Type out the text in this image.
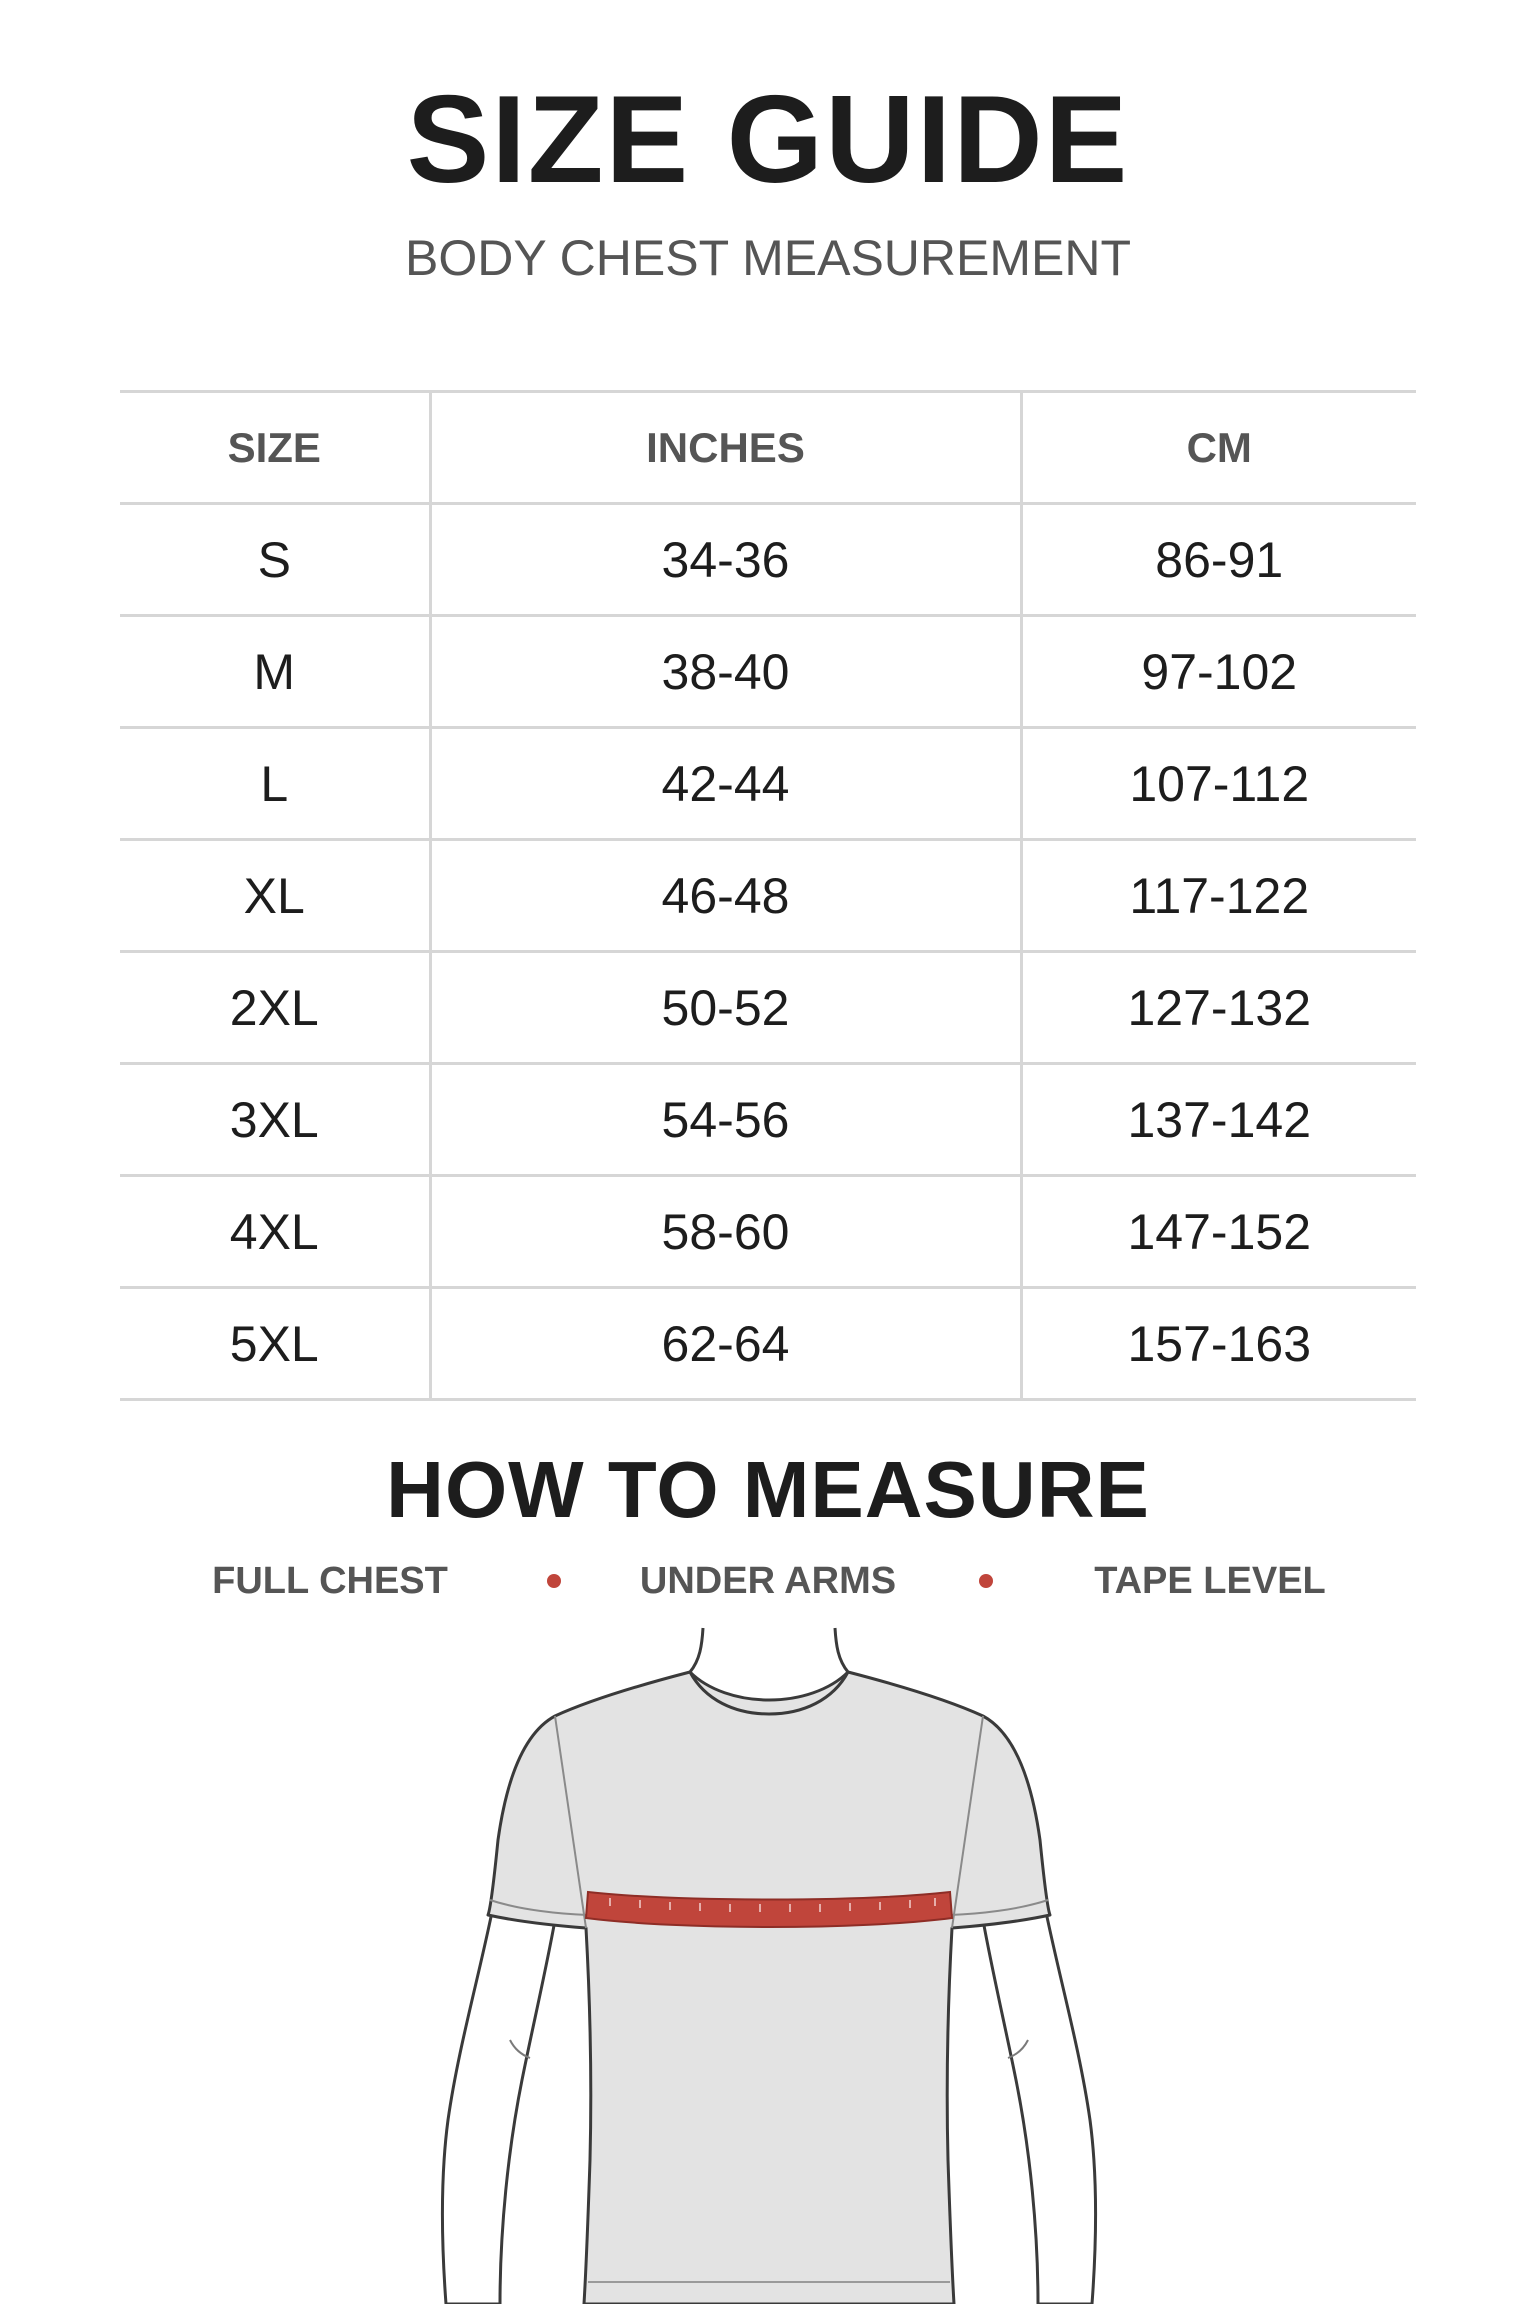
SIZE GUIDE
BODY CHEST MEASUREMENT
SIZE	INCHES	CM
S	34-36	86-91
M	38-40	97-102
L	42-44	107-112
XL	46-48	117-122
2XL	50-52	127-132
3XL	54-56	137-142
4XL	58-60	147-152
5XL	62-64	157-163
HOW TO MEASURE
FULL CHEST	UNDER ARMS	TAPE LEVEL
